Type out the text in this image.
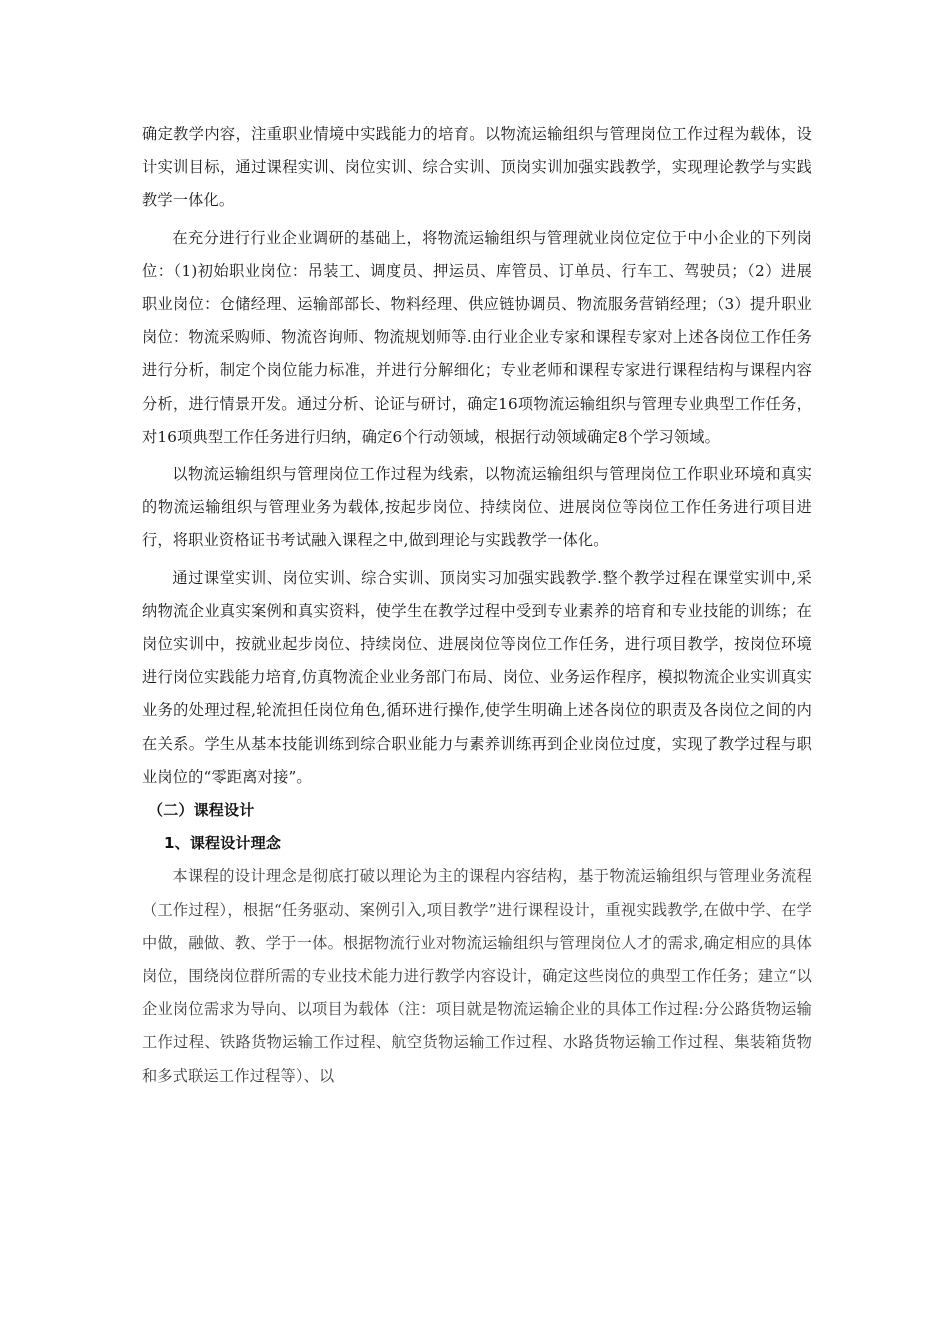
确定教学内容，注重职业情境中实践能力的培育。以物流运输组织与管理岗位工作过程为载体，设计实训目标，通过课程实训、岗位实训、综合实训、顶岗实训加强实践教学，实现理论教学与实践教学一体化。

在充分进行行业企业调研的基础上，将物流运输组织与管理就业岗位定位于中小企业的下列岗位：（1)初始职业岗位：吊装工、调度员、押运员、库管员、订单员、行车工、驾驶员；（2）进展职业岗位：仓储经理、运输部部长、物料经理、供应链协调员、物流服务营销经理；（3）提升职业岗位：物流采购师、物流咨询师、物流规划师等.由行业企业专家和课程专家对上述各岗位工作任务进行分析，制定个岗位能力标准，并进行分解细化；专业老师和课程专家进行课程结构与课程内容分析，进行情景开发。通过分析、论证与研讨，确定16项物流运输组织与管理专业典型工作任务，对16项典型工作任务进行归纳，确定6个行动领域，根据行动领域确定8个学习领域。

以物流运输组织与管理岗位工作过程为线索，以物流运输组织与管理岗位工作职业环境和真实的物流运输组织与管理业务为载体,按起步岗位、持续岗位、进展岗位等岗位工作任务进行项目进行，将职业资格证书考试融入课程之中,做到理论与实践教学一体化。

通过课堂实训、岗位实训、综合实训、顶岗实习加强实践教学.整个教学过程在课堂实训中,采纳物流企业真实案例和真实资料，使学生在教学过程中受到专业素养的培育和专业技能的训练；在岗位实训中，按就业起步岗位、持续岗位、进展岗位等岗位工作任务，进行项目教学，按岗位环境进行岗位实践能力培育,仿真物流企业业务部门布局、岗位、业务运作程序，模拟物流企业实训真实业务的处理过程,轮流担任岗位角色,循环进行操作,使学生明确上述各岗位的职责及各岗位之间的内在关系。学生从基本技能训练到综合职业能力与素养训练再到企业岗位过度，实现了教学过程与职业岗位的“零距离对接”。

（二）课程设计
1、课程设计理念

本课程的设计理念是彻底打破以理论为主的课程内容结构，基于物流运输组织与管理业务流程（工作过程），根据“任务驱动、案例引入,项目教学”进行课程设计，重视实践教学,在做中学、在学中做，融做、教、学于一体。根据物流行业对物流运输组织与管理岗位人才的需求,确定相应的具体岗位，围绕岗位群所需的专业技术能力进行教学内容设计，确定这些岗位的典型工作任务；建立“以企业岗位需求为导向、以项目为载体（注：项目就是物流运输企业的具体工作过程:分公路货物运输工作过程、铁路货物运输工作过程、航空货物运输工作过程、水路货物运输工作过程、集装箱货物和多式联运工作过程等）、以
